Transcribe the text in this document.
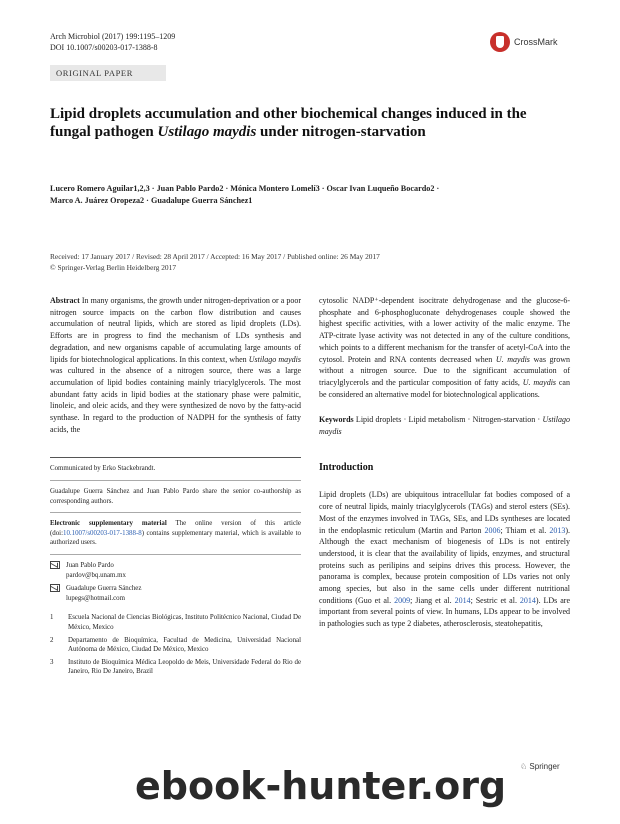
Arch Microbiol (2017) 199:1195–1209
DOI 10.1007/s00203-017-1388-8
CrossMark
ORIGINAL PAPER
Lipid droplets accumulation and other biochemical changes induced in the fungal pathogen Ustilago maydis under nitrogen‑starvation
Lucero Romero Aguilar1,2,3 · Juan Pablo Pardo2 · Mónica Montero Lomelí3 · Oscar Ivan Luqueño Bocardo2 ·
Marco A. Juárez Oropeza2 · Guadalupe Guerra Sánchez1
Received: 17 January 2017 / Revised: 28 April 2017 / Accepted: 16 May 2017 / Published online: 26 May 2017
© Springer-Verlag Berlin Heidelberg 2017
Abstract In many organisms, the growth under nitrogen-deprivation or a poor nitrogen source impacts on the carbon flow distribution and causes accumulation of neutral lipids, which are stored as lipid droplets (LDs). Efforts are in progress to find the mechanism of LDs synthesis and degradation, and new organisms capable of accumulating large amounts of lipids for biotechnological applications. In this context, when Ustilago maydis was cultured in the absence of a nitrogen source, there was a large accumulation of lipid bodies containing mainly triacylglycerols. The most abundant fatty acids in lipid bodies at the stationary phase were palmitic, linoleic, and oleic acids, and they were synthesized de novo by the fatty-acid synthase. In regard to the production of NADPH for the synthesis of fatty acids, the
Communicated by Erko Stackebrandt.
Guadalupe Guerra Sánchez and Juan Pablo Pardo share the senior co-authorship as corresponding authors.
Electronic supplementary material The online version of this article (doi:10.1007/s00203-017-1388-8) contains supplementary material, which is available to authorized users.
Juan Pablo Pardo
pardov@bq.unam.mx
Guadalupe Guerra Sánchez
lupegs@hotmail.com
1	Escuela Nacional de Ciencias Biológicas, Instituto Politécnico Nacional, Ciudad De México, Mexico
2	Departamento de Bioquímica, Facultad de Medicina, Universidad Nacional Autónoma de México, Ciudad De México, Mexico
3	Instituto de Bioquímica Médica Leopoldo de Meis, Universidade Federal do Rio de Janeiro, Rio De Janeiro, Brazil
cytosolic NADP⁺-dependent isocitrate dehydrogenase and the glucose-6-phosphate and 6-phosphogluconate dehydrogenases couple showed the highest specific activities, with a lower activity of the malic enzyme. The ATP-citrate lyase activity was not detected in any of the culture conditions, which points to a different mechanism for the transfer of acetyl-CoA into the cytosol. Protein and RNA contents decreased when U. maydis was grown without a nitrogen source. Due to the significant accumulation of triacylglycerols and the particular composition of fatty acids, U. maydis can be considered an alternative model for biotechnological applications.
Keywords Lipid droplets · Lipid metabolism · Nitrogen-starvation · Ustilago maydis
Introduction
Lipid droplets (LDs) are ubiquitous intracellular fat bodies composed of a core of neutral lipids, mainly triacylglycerols (TAGs) and sterol esters (SEs). Most of the enzymes involved in TAGs, SEs, and LDs syntheses are located in the endoplasmic reticulum (Martin and Parton 2006; Thiam et al. 2013). Although the exact mechanism of biogenesis of LDs is not entirely understood, it is clear that the availability of lipids, enzymes, and structural proteins such as perilipins and seipins drives this process. However, the panorama is complex, because protein composition of LDs varies not only among species, but also in the same cells under different nutritional conditions (Guo et al. 2009; Jiang et al. 2014; Sestric et al. 2014). LDs are important from several points of view. In humans, LDs appear to be involved in pathologies such as type 2 diabetes, atherosclerosis, steatohepatitis,
♘ Springer
ebook-hunter.org
